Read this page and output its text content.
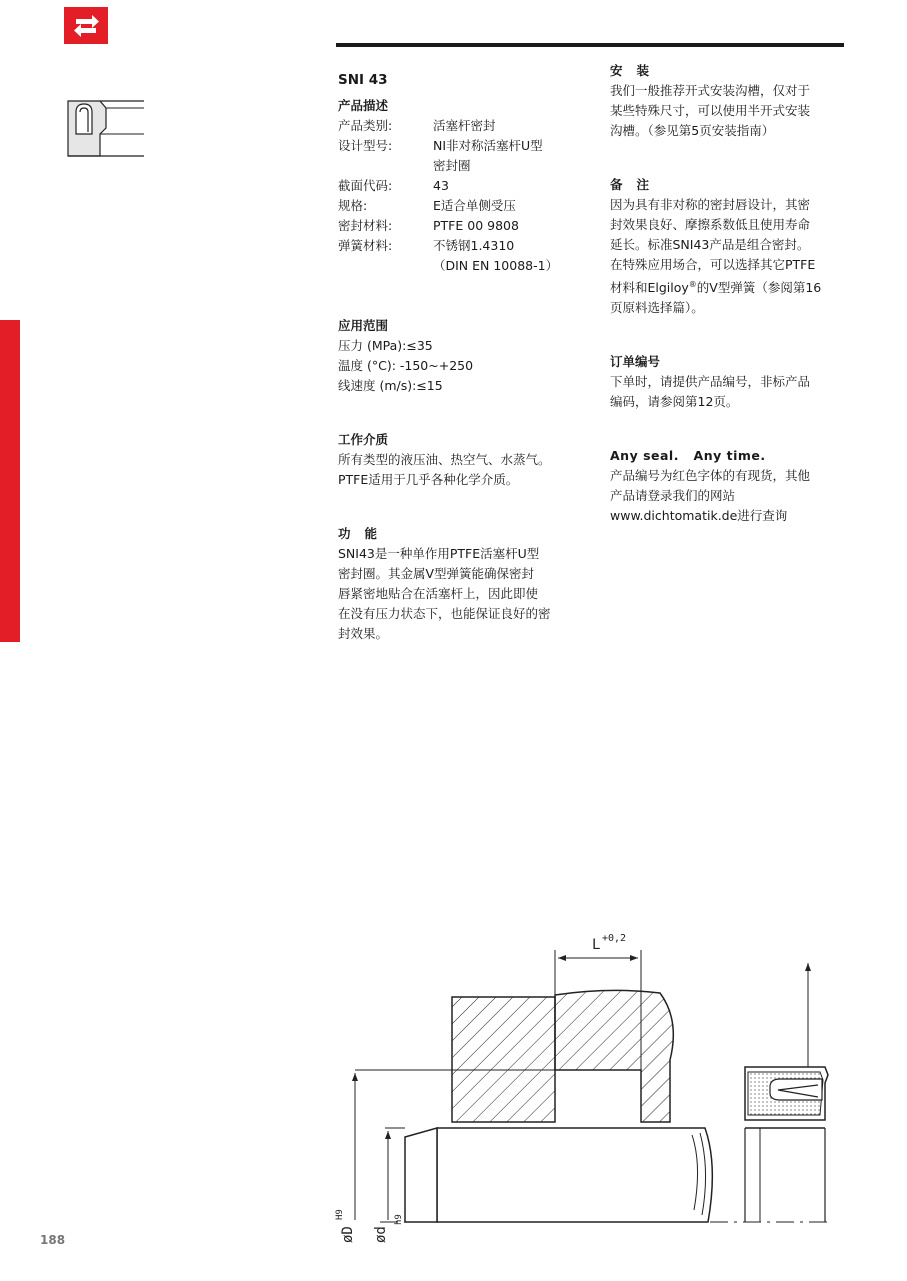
SNI 43

产品描述

产品类别:	活塞杆密封
设计型号:	NI非对称活塞杆U型
密封圈
截面代码:	43
规格:	E适合单侧受压
密封材料:	PTFE 00 9808
弹簧材料:	不锈钢1.4310
（DIN EN 10088-1）

应用范围

压力 (MPa):≤35

温度 (°C): -150~+250

线速度 (m/s):≤15

工作介质

所有类型的液压油、热空气、水蒸气。

PTFE适用于几乎各种化学介质。

功能

SNI43是一种单作用PTFE活塞杆U型

密封圈。其金属V型弹簧能确保密封

唇紧密地贴合在活塞杆上，因此即使

在没有压力状态下，也能保证良好的密

封效果。

安装

我们一般推荐开式安装沟槽，仅对于

某些特殊尺寸，可以使用半开式安装

沟槽。（参见第5页安装指南）

备注

因为具有非对称的密封唇设计，其密

封效果良好、摩擦系数低且使用寿命

延长。标准SNI43产品是组合密封。

在特殊应用场合，可以选择其它PTFE

材料和Elgiloy®的V型弹簧（参阅第16

页原料选择篇）。

订单编号

下单时，请提供产品编号，非标产品

编码，请参阅第12页。

Any seal.   Any time.

产品编号为红色字体的有现货，其他

产品请登录我们的网站

www.dichtomatik.de进行查询

L +0,2
øD
H9
ød
h9
188
